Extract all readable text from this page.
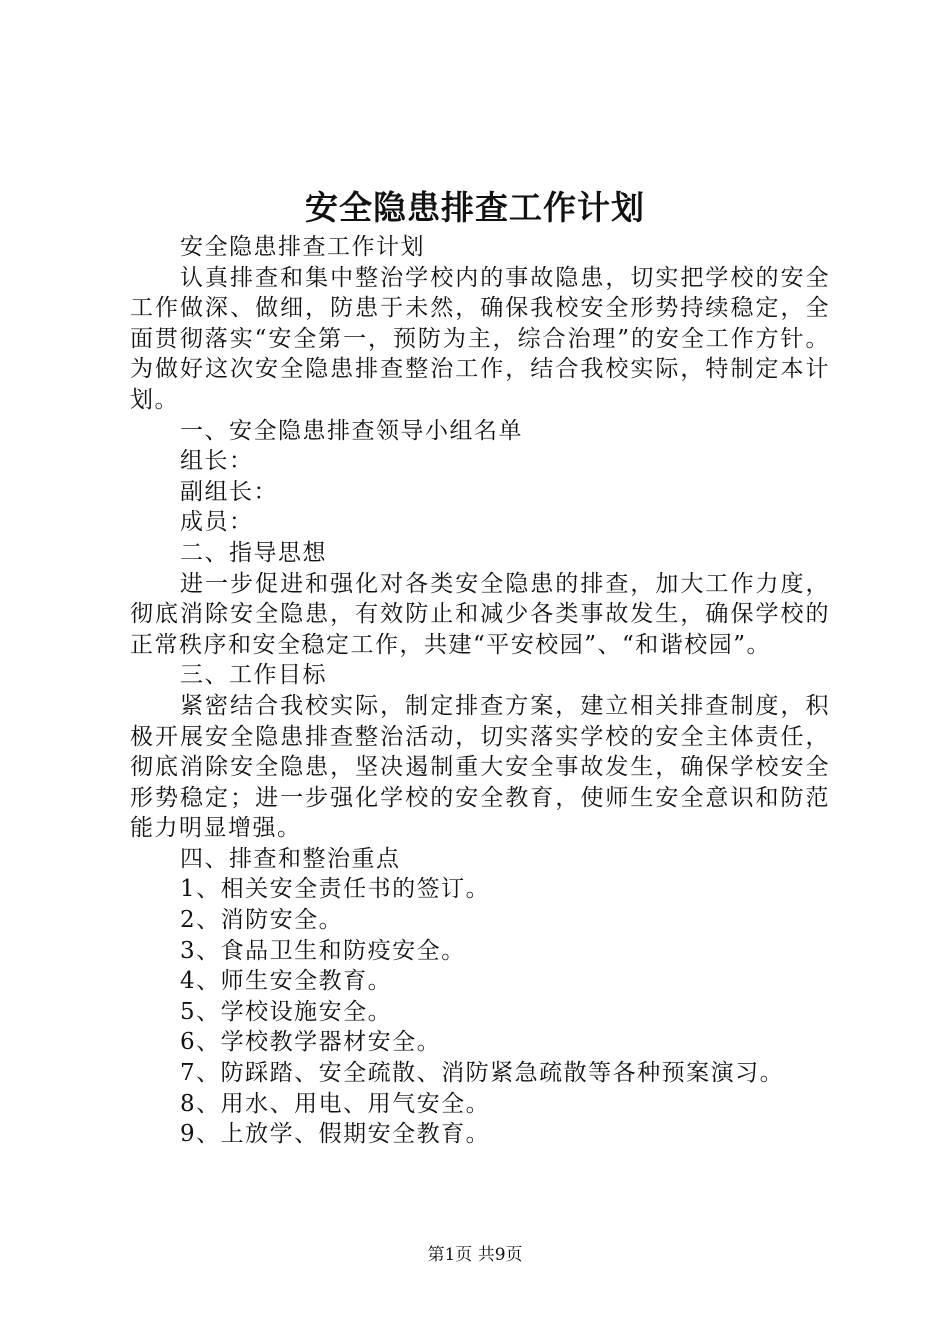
安全隐患排查工作计划

安全隐患排查工作计划

认真排查和集中整治学校内的事故隐患，切实把学校的安全工作做深、做细，防患于未然，确保我校安全形势持续稳定，全面贯彻落实“安全第一，预防为主，综合治理”的安全工作方针。为做好这次安全隐患排查整治工作，结合我校实际，特制定本计划。

一、安全隐患排查领导小组名单

组长：

副组长：

成员：

二、指导思想

进一步促进和强化对各类安全隐患的排查，加大工作力度，彻底消除安全隐患，有效防止和减少各类事故发生，确保学校的正常秩序和安全稳定工作，共建“平安校园”、“和谐校园”。

三、工作目标

紧密结合我校实际，制定排查方案，建立相关排查制度，积极开展安全隐患排查整治活动，切实落实学校的安全主体责任，彻底消除安全隐患，坚决遏制重大安全事故发生，确保学校安全形势稳定；进一步强化学校的安全教育，使师生安全意识和防范能力明显增强。

四、排查和整治重点

1、相关安全责任书的签订。

2、消防安全。

3、食品卫生和防疫安全。

4、师生安全教育。

5、学校设施安全。

6、学校教学器材安全。

7、防踩踏、安全疏散、消防紧急疏散等各种预案演习。

8、用水、用电、用气安全。

9、上放学、假期安全教育。

第1页 共9页
